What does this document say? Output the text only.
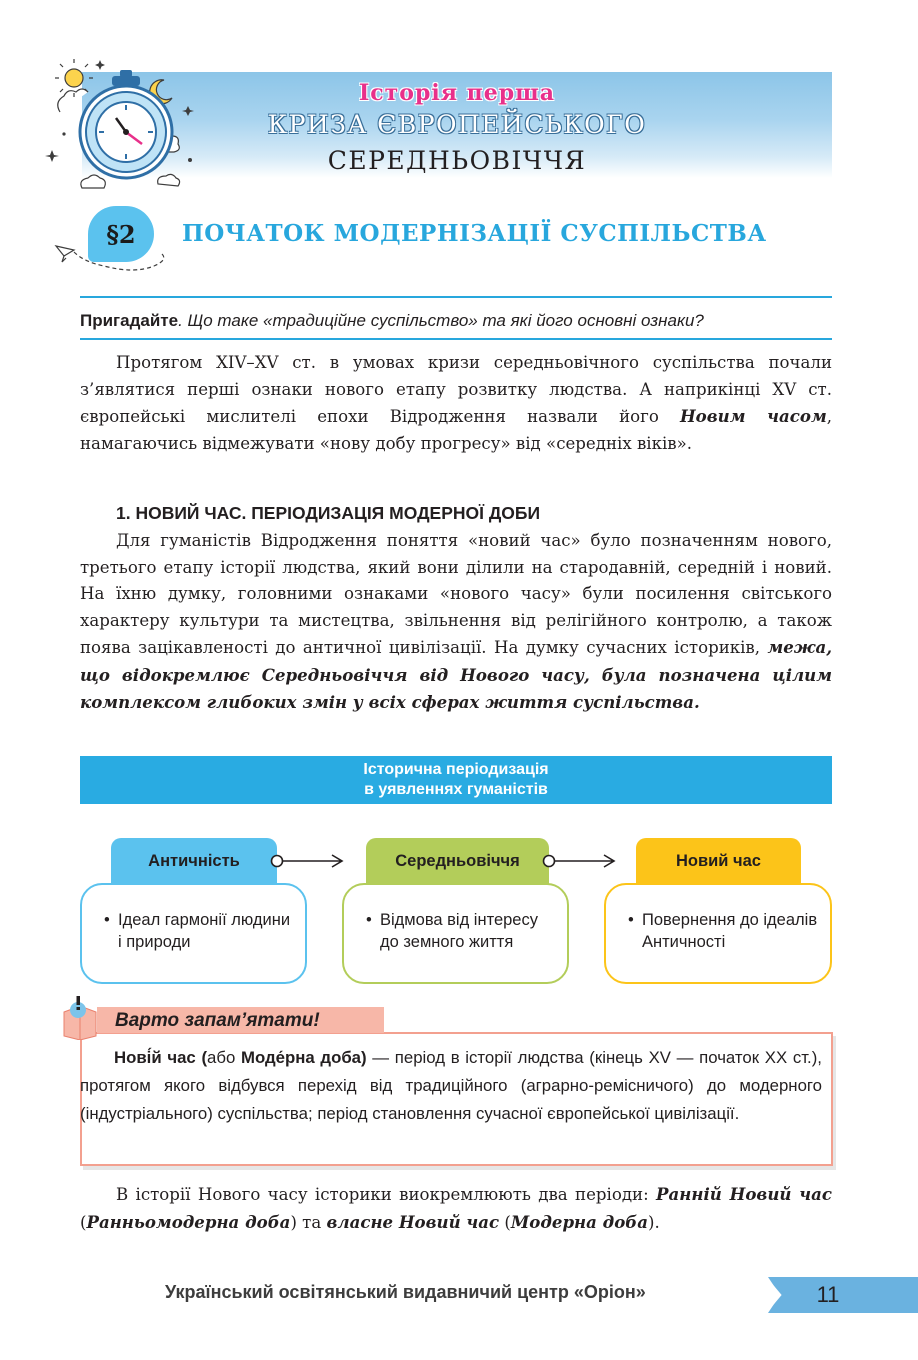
Історія перша
КРИЗА ЄВРОПЕЙСЬКОГО
СЕРЕДНЬОВІЧЧЯ
§2	ПОЧАТОК МОДЕРНІЗАЦІЇ СУСПІЛЬСТВА
Пригадайте. Що таке «традиційне суспільство» та які його основні ознаки?

Протягом XIV–XV ст. в умовах кризи середньовічного суспільства почали з’являтися перші ознаки нового етапу розвитку людства. А наприкінці XV ст. європейські мислителі епохи Відродження назвали його Новим часом, намагаючись відмежувати «нову добу прогресу» від «середніх віків».

1. НОВИЙ ЧАС. ПЕРІОДИЗАЦІЯ МОДЕРНОЇ ДОБИ

Для гуманістів Відродження поняття «новий час» було позначенням нового, третього етапу історії людства, який вони ділили на стародавній, середній і новий. На їхню думку, головними ознаками «нового часу» були посилення світського характеру культури та мистецтва, звільнення від релігійного контролю, а також поява зацікавленості до античної цивілізації. На думку сучасних істориків, межа, що відокремлює Середньовіччя від Нового часу, була позначена цілим комплексом глибоких змін у всіх сферах життя суспільства.

Історична періодизація
в уявленнях гуманістів
• Ідеал гармонії людини і природи
Античність
• Відмова від інтересу до земного життя
Середньовіччя
• Повернення до ідеалів Античності
Новий час
Варто запам’ятати!

Нові́й час (або Моде́рна доба) — період в історії людства (кінець XV — початок XX ст.), протягом якого відбувся перехід від традиційного (аграрно-ремісничого) до модерного (індустріального) суспільства; період становлення сучасної європейської цивілізації.

В історії Нового часу історики виокремлюють два періоди: Ранній Новий час (Ранньомодерна доба) та власне Новий час (Модерна доба).

Український освітянський видавничий центр «Оріон»	11
